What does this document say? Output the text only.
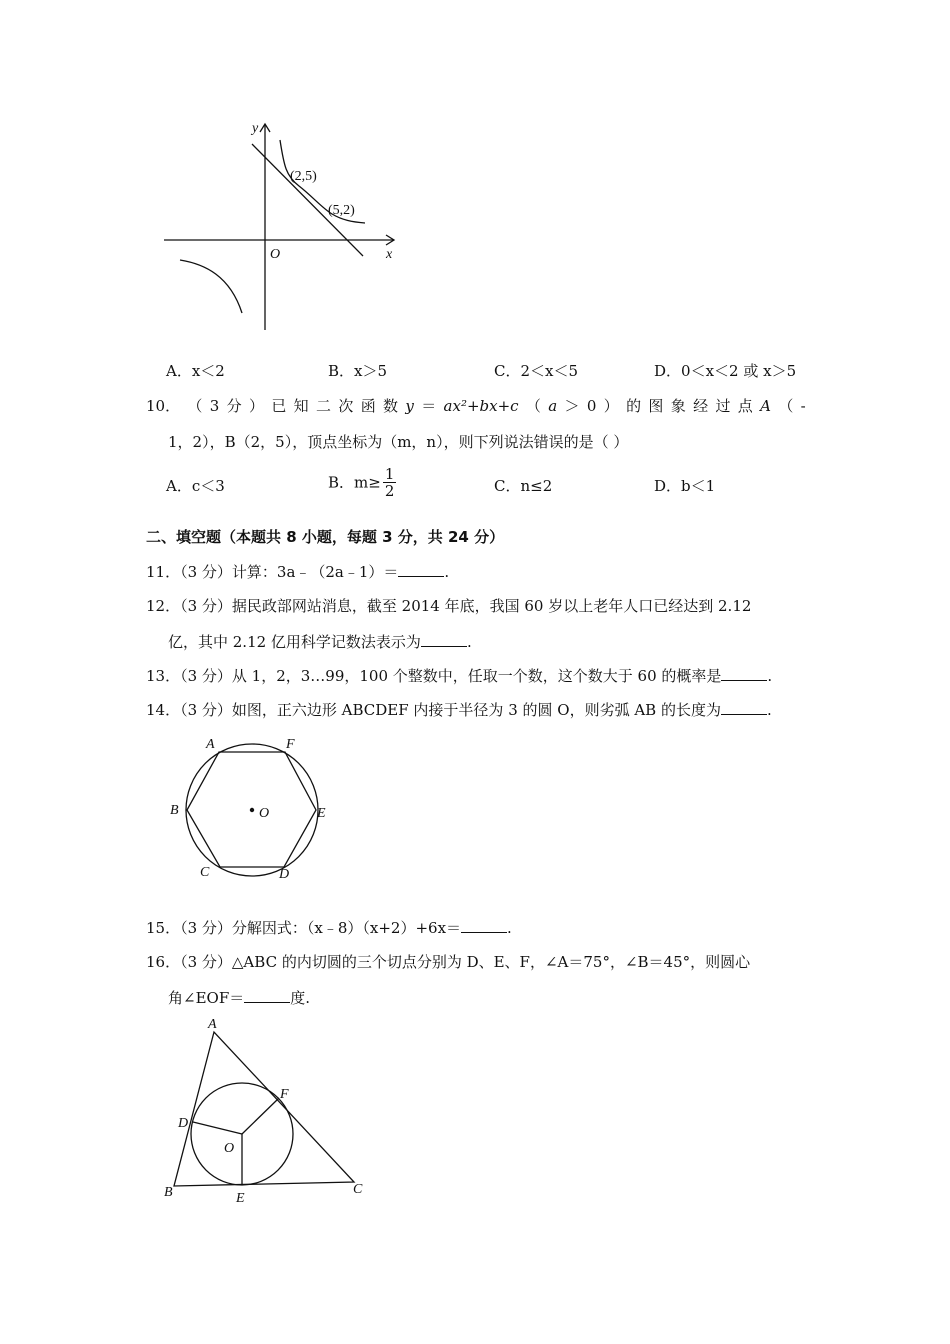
y
x
O
(2,5)
(5,2)
A．x＜2	B．x＞5	C．2＜x＜5	D．0＜x＜2 或 x＞5
10． （ 3 分 ） 已 知 二 次 函 数 y ＝ ax²+bx+c （ a ＞ 0 ） 的 图 象 经 过 点 A （ -
1，2），B（2，5），顶点坐标为（m，n），则下列说法错误的是（ ）
A．c＜3	B．$m\ge \frac{1}{2}$	C．n≤2	D．b＜1
二、填空题（本题共 8 小题，每题 3 分，共 24 分）
11．（3 分）计算：3a﹣（2a﹣1）＝	.
12．（3 分）据民政部网站消息，截至 2014 年底，我国 60 岁以上老年人口已经达到 2.12
亿，其中 2.12 亿用科学记数法表示为	.
13．（3 分）从 1，2，3…99，100 个整数中，任取一个数，这个数大于 60 的概率是	.
14．（3 分）如图，正六边形 ABCDEF 内接于半径为 3 的圆 O，则劣弧 AB 的长度为	.
A	F
B	E
C	D
O
15．（3 分）分解因式：（x﹣8）（x+2）+6x＝	.
16．（3 分）△ABC 的内切圆的三个切点分别为 D、E、F，∠A＝75°，∠B＝45°，则圆心
角∠EOF＝	度.
A
B	C
D
E
F
O
